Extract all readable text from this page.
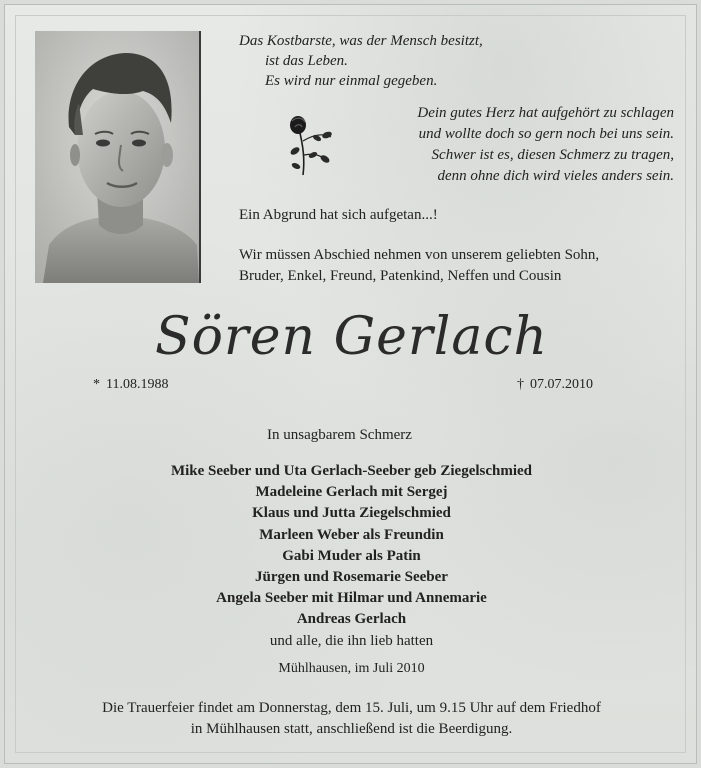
Das Kostbarste, was der Mensch besitzt,
ist das Leben.
Es wird nur einmal gegeben.
Dein gutes Herz hat aufgehört zu schlagen
und wollte doch so gern noch bei uns sein.
Schwer ist es, diesen Schmerz zu tragen,
denn ohne dich wird vieles anders sein.
Ein Abgrund hat sich aufgetan...!
Wir müssen Abschied nehmen von unserem geliebten Sohn,
Bruder, Enkel, Freund, Patenkind, Neffen und Cousin
Sören Gerlach
* 11.08.1988	† 07.07.2010
In unsagbarem Schmerz
Mike Seeber und Uta Gerlach-Seeber geb Ziegelschmied
Madeleine Gerlach mit Sergej
Klaus und Jutta Ziegelschmied
Marleen Weber als Freundin
Gabi Muder als Patin
Jürgen und Rosemarie Seeber
Angela Seeber mit Hilmar und Annemarie
Andreas Gerlach
und alle, die ihn lieb hatten
Mühlhausen, im Juli 2010
Die Trauerfeier findet am Donnerstag, dem 15. Juli, um 9.15 Uhr auf dem Friedhof
in Mühlhausen statt, anschließend ist die Beerdigung.
